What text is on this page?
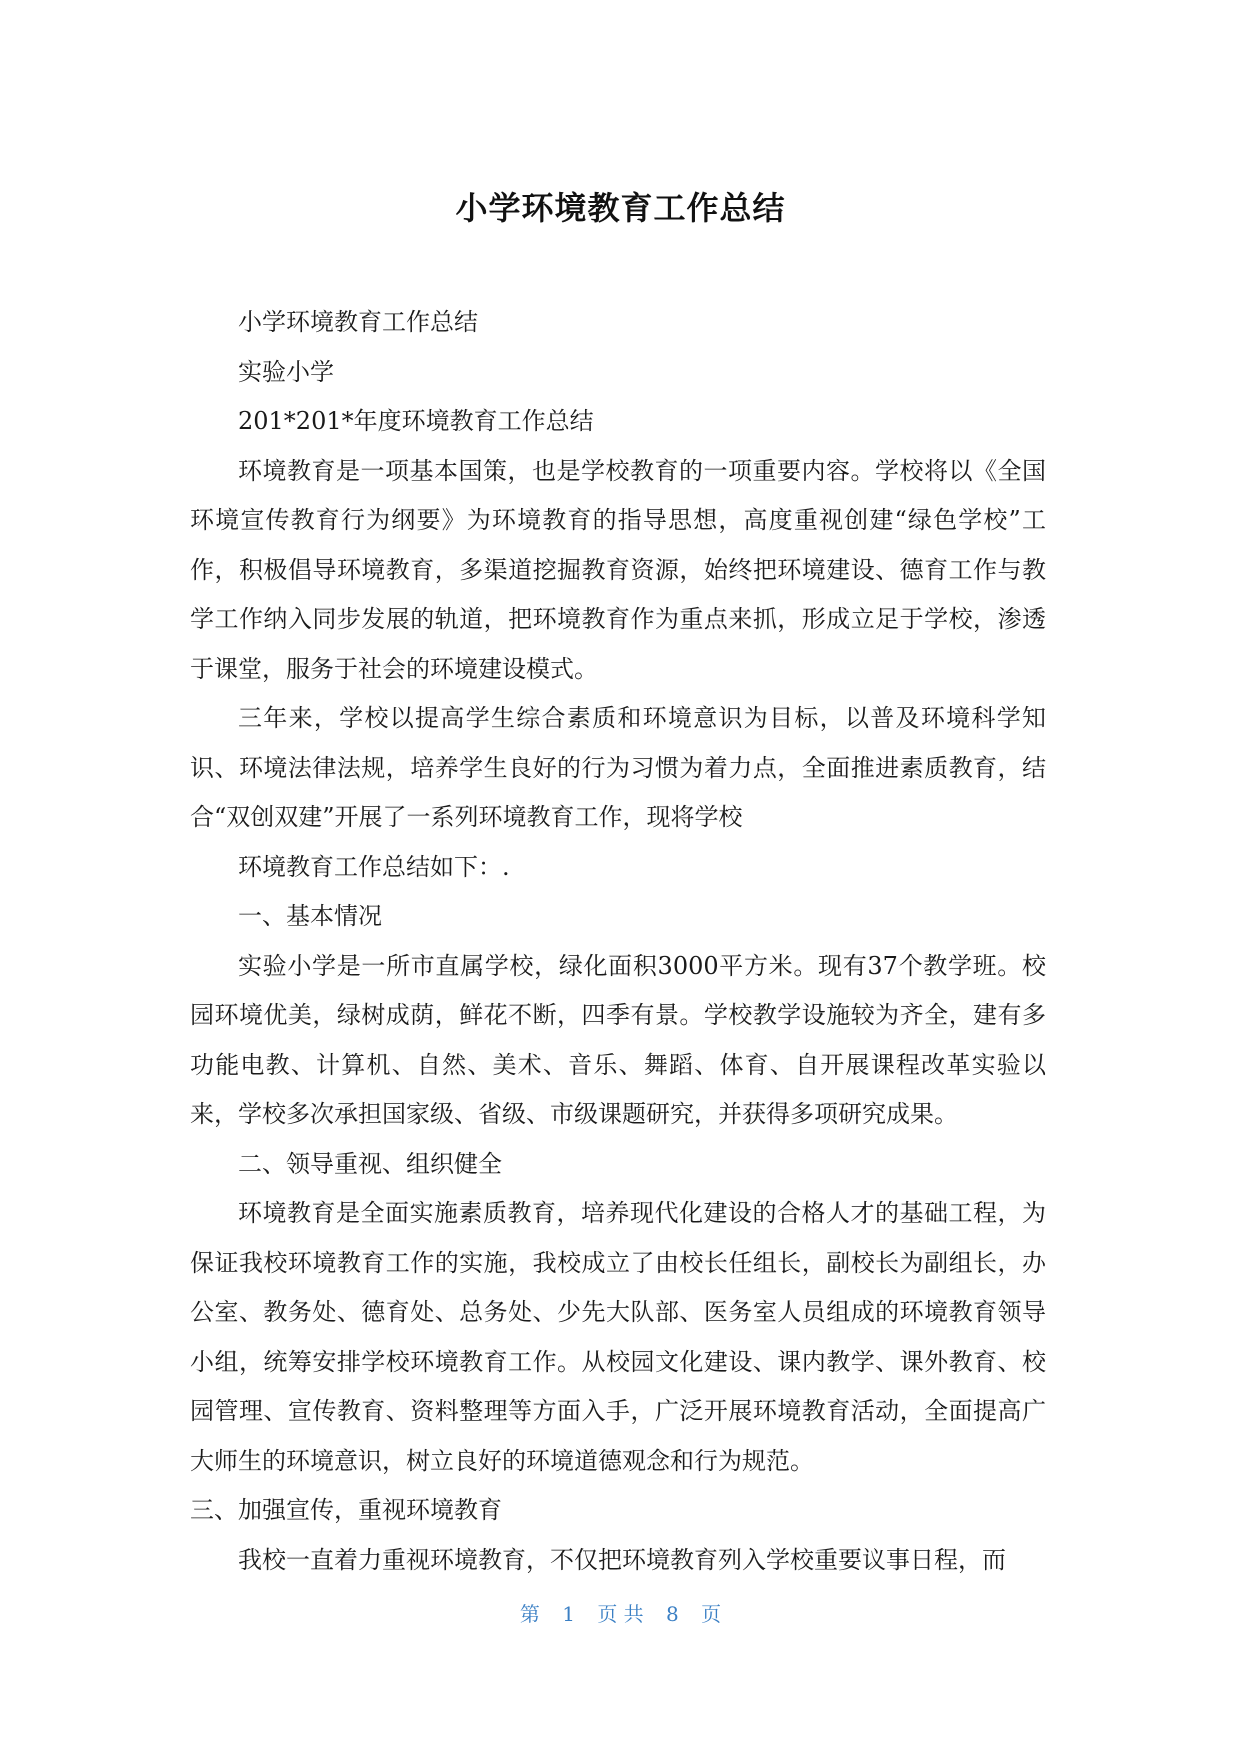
小学环境教育工作总结

小学环境教育工作总结

实验小学

201*201*年度环境教育工作总结

环境教育是一项基本国策，也是学校教育的一项重要内容。学校将以《全国环境宣传教育行为纲要》为环境教育的指导思想，高度重视创建“绿色学校”工作，积极倡导环境教育，多渠道挖掘教育资源，始终把环境建设、德育工作与教学工作纳入同步发展的轨道，把环境教育作为重点来抓，形成立足于学校，渗透于课堂，服务于社会的环境建设模式。

三年来，学校以提高学生综合素质和环境意识为目标，以普及环境科学知识、环境法律法规，培养学生良好的行为习惯为着力点，全面推进素质教育，结合“双创双建”开展了一系列环境教育工作，现将学校

环境教育工作总结如下：.

一、基本情况

实验小学是一所市直属学校，绿化面积3000平方米。现有37个教学班。校园环境优美，绿树成荫，鲜花不断，四季有景。学校教学设施较为齐全，建有多功能电教、计算机、自然、美术、音乐、舞蹈、体育、自开展课程改革实验以来，学校多次承担国家级、省级、市级课题研究，并获得多项研究成果。

二、领导重视、组织健全

环境教育是全面实施素质教育，培养现代化建设的合格人才的基础工程，为保证我校环境教育工作的实施，我校成立了由校长任组长，副校长为副组长，办公室、教务处、德育处、总务处、少先大队部、医务室人员组成的环境教育领导小组，统筹安排学校环境教育工作。从校园文化建设、课内教学、课外教育、校园管理、宣传教育、资料整理等方面入手，广泛开展环境教育活动，全面提高广大师生的环境意识，树立良好的环境道德观念和行为规范。

三、加强宣传，重视环境教育

我校一直着力重视环境教育，不仅把环境教育列入学校重要议事日程，而

第 1 页 共 8 页
